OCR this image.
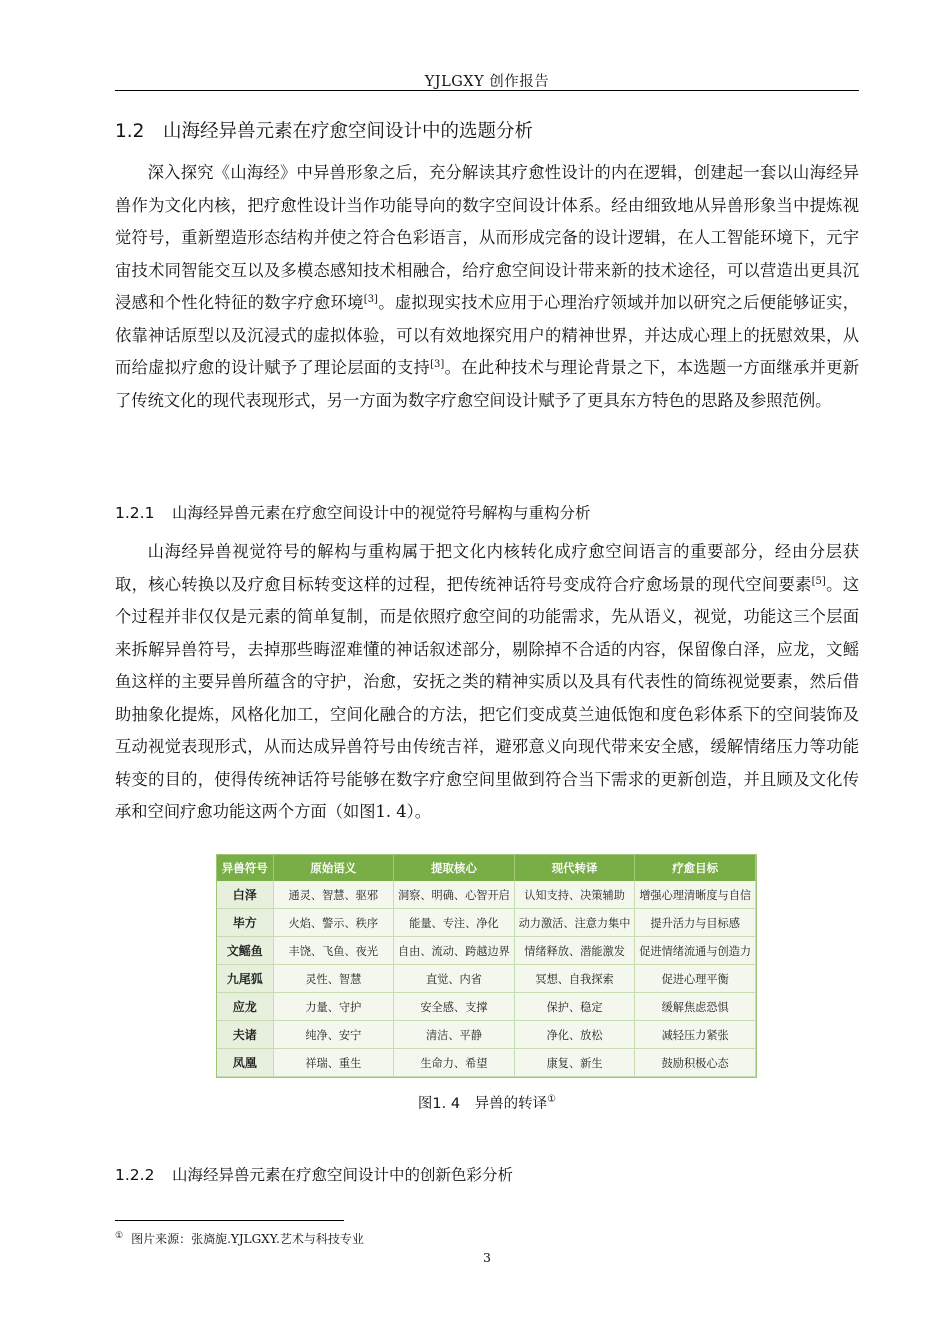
YJLGXY 创作报告
1.2 山海经异兽元素在疗愈空间设计中的选题分析

深入探究《山海经》中异兽形象之后，充分解读其疗愈性设计的内在逻辑，创建起一套以山海经异兽作为文化内核，把疗愈性设计当作功能导向的数字空间设计体系。经由细致地从异兽形象当中提炼视觉符号，重新塑造形态结构并使之符合色彩语言，从而形成完备的设计逻辑，在人工智能环境下，元宇宙技术同智能交互以及多模态感知技术相融合，给疗愈空间设计带来新的技术途径，可以营造出更具沉浸感和个性化特征的数字疗愈环境[3]。虚拟现实技术应用于心理治疗领域并加以研究之后便能够证实，依靠神话原型以及沉浸式的虚拟体验，可以有效地探究用户的精神世界，并达成心理上的抚慰效果，从而给虚拟疗愈的设计赋予了理论层面的支持[3]。在此种技术与理论背景之下，本选题一方面继承并更新了传统文化的现代表现形式，另一方面为数字疗愈空间设计赋予了更具东方特色的思路及参照范例。

1.2.1 山海经异兽元素在疗愈空间设计中的视觉符号解构与重构分析

山海经异兽视觉符号的解构与重构属于把文化内核转化成疗愈空间语言的重要部分，经由分层获取，核心转换以及疗愈目标转变这样的过程，把传统神话符号变成符合疗愈场景的现代空间要素[5]。这个过程并非仅仅是元素的简单复制，而是依照疗愈空间的功能需求，先从语义，视觉，功能这三个层面来拆解异兽符号，去掉那些晦涩难懂的神话叙述部分，剔除掉不合适的内容，保留像白泽，应龙，文鳐鱼这样的主要异兽所蕴含的守护，治愈，安抚之类的精神实质以及具有代表性的简练视觉要素，然后借助抽象化提炼，风格化加工，空间化融合的方法，把它们变成莫兰迪低饱和度色彩体系下的空间装饰及互动视觉表现形式，从而达成异兽符号由传统吉祥，避邪意义向现代带来安全感，缓解情绪压力等功能转变的目的，使得传统神话符号能够在数字疗愈空间里做到符合当下需求的更新创造，并且顾及文化传承和空间疗愈功能这两个方面（如图1. 4）。

异兽符号	原始语义	提取核心	现代转译	疗愈目标
白泽	通灵、智慧、驱邪	洞察、明确、心智开启	认知支持、决策辅助	增强心理清晰度与自信
毕方	火焰、警示、秩序	能量、专注、净化	动力激活、注意力集中	提升活力与目标感
文鳐鱼	丰饶、飞鱼、夜光	自由、流动、跨越边界	情绪释放、潜能激发	促进情绪流通与创造力
九尾狐	灵性、智慧	直觉、内省	冥想、自我探索	促进心理平衡
应龙	力量、守护	安全感、支撑	保护、稳定	缓解焦虑恐惧
夫诸	纯净、安宁	清洁、平静	净化、放松	减轻压力紧张
凤凰	祥瑞、重生	生命力、希望	康复、新生	鼓励积极心态
图1. 4　异兽的转译①
1.2.2 山海经异兽元素在疗愈空间设计中的创新色彩分析
① 图片来源：张旖旎.YJLGXY.艺术与科技专业
3
